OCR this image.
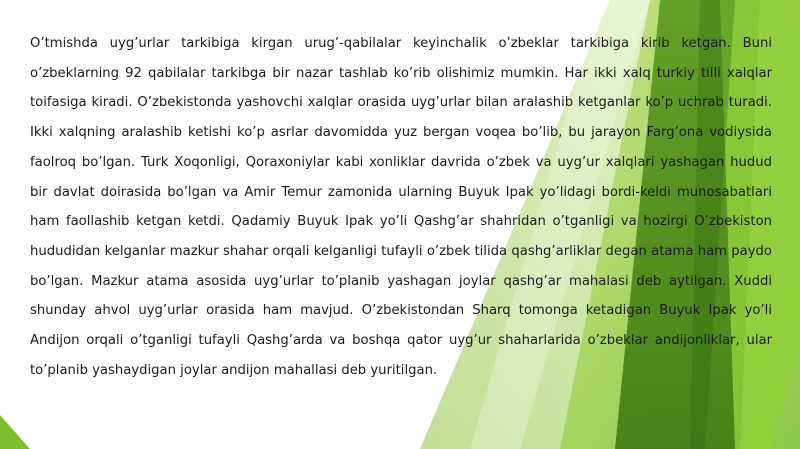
O’tmishda uyg’urlar tarkibiga kirgan urug’-qabilalar keyinchalik o’zbeklar tarkibiga kirib ketgan. Buni o’zbeklarning 92 qabilalar tarkibga bir nazar tashlab ko’rib olishimiz mumkin. Har ikki xalq turkiy tilli xalqlar toifasiga kiradi. O’zbekistonda yashovchi xalqlar orasida uyg’urlar bilan aralashib ketganlar ko’p uchrab turadi. Ikki xalqning aralashib ketishi ko’p asrlar davomidda yuz bergan voqea bo’lib, bu jarayon Farg’ona vodiysida faolroq bo’lgan. Turk Xoqonligi, Qoraxoniylar kabi xonliklar davrida o’zbek va uyg’ur xalqlari yashagan hudud bir davlat doirasida bo’lgan va Amir Temur zamonida ularning Buyuk Ipak yo’lidagi bordi-keldi munosabatlari ham faollashib ketgan ketdi. Qadamiy Buyuk Ipak yo’li Qashg’ar shahridan o’tganligi va hozirgi O’zbekiston hududidan kelganlar mazkur shahar orqali kelganligi tufayli o’zbek tilida qashg’arliklar degan atama ham paydo bo’lgan. Mazkur atama asosida uyg’urlar to’planib yashagan joylar qashg’ar mahalasi deb aytilgan. Xuddi shunday ahvol uyg’urlar orasida ham mavjud. O’zbekistondan Sharq tomonga ketadigan Buyuk Ipak yo’li Andijon orqali o’tganligi tufayli Qashg’arda va boshqa qator uyg’ur shaharlarida o’zbeklar andijonliklar, ular to’planib yashaydigan joylar andijon mahallasi deb yuritilgan.
